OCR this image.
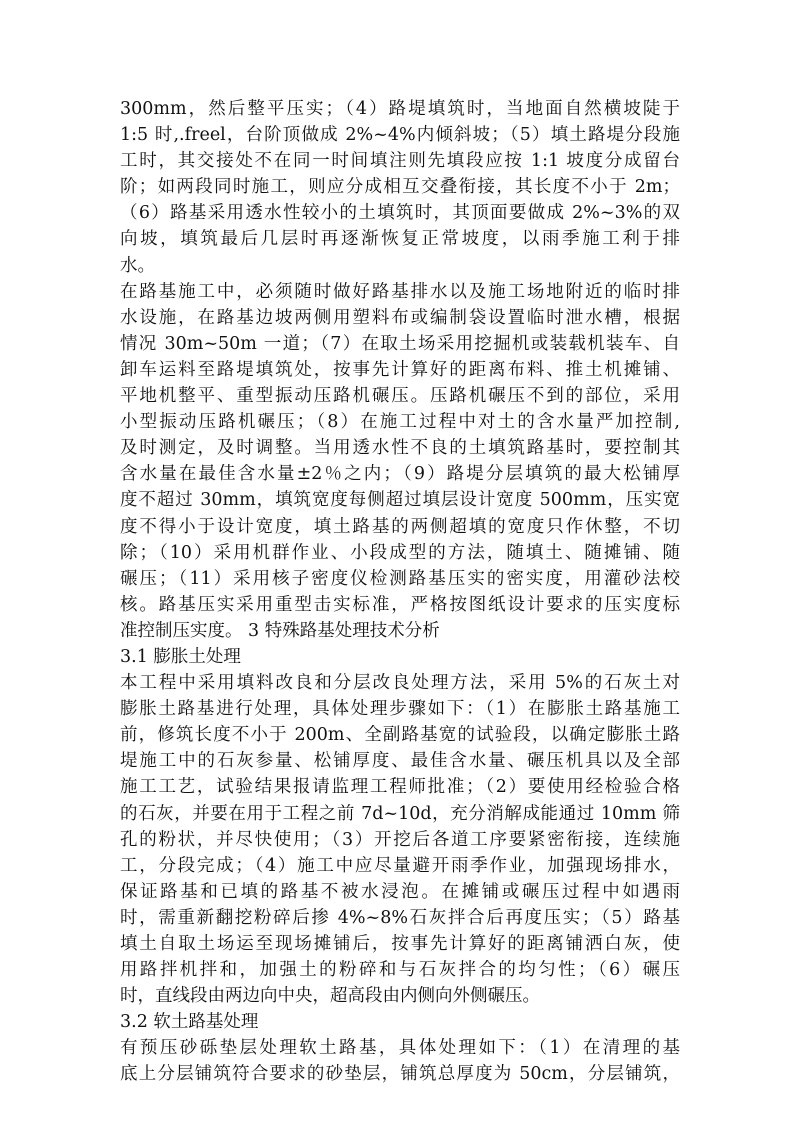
300mm，然后整平压实；（4）路堤填筑时，当地面自然横坡陡于
1:5 时,.freel，台阶顶做成 2%~4%内倾斜坡；（5）填土路堤分段施
工时，其交接处不在同一时间填注则先填段应按 1:1 坡度分成留台
阶；如两段同时施工，则应分成相互交叠衔接，其长度不小于 2m；
（6）路基采用透水性较小的土填筑时，其顶面要做成 2%~3%的双
向坡，填筑最后几层时再逐渐恢复正常坡度，以雨季施工利于排
水。
在路基施工中，必须随时做好路基排水以及施工场地附近的临时排
水设施，在路基边坡两侧用塑料布或编制袋设置临时泄水槽，根据
情况 30m~50m 一道；（7）在取土场采用挖掘机或装载机装车、自
卸车运料至路堤填筑处，按事先计算好的距离布料、推土机摊铺、
平地机整平、重型振动压路机碾压。压路机碾压不到的部位，采用
小型振动压路机碾压；（8）在施工过程中对土的含水量严加控制,
及时测定，及时调整。当用透水性不良的土填筑路基时，要控制其
含水量在最佳含水量±2％之内；（9）路堤分层填筑的最大松铺厚
度不超过 30mm，填筑宽度每侧超过填层设计宽度 500mm，压实宽
度不得小于设计宽度，填土路基的两侧超填的宽度只作休整，不切
除；（10）采用机群作业、小段成型的方法，随填土、随摊铺、随
碾压；（11）采用核子密度仪检测路基压实的密实度，用灌砂法校
核。路基压实采用重型击实标准，严格按图纸设计要求的压实度标
准控制压实度。 3 特殊路基处理技术分析
3.1 膨胀土处理
本工程中采用填料改良和分层改良处理方法，采用 5%的石灰土对
膨胀土路基进行处理，具体处理步骤如下：（1）在膨胀土路基施工
前，修筑长度不小于 200m、全副路基宽的试验段，以确定膨胀土路
堤施工中的石灰参量、松铺厚度、最佳含水量、碾压机具以及全部
施工工艺，试验结果报请监理工程师批准；（2）要使用经检验合格
的石灰，并要在用于工程之前 7d~10d，充分消解成能通过 10mm 筛
孔的粉状，并尽快使用；（3）开挖后各道工序要紧密衔接，连续施
工，分段完成；（4）施工中应尽量避开雨季作业，加强现场排水，
保证路基和已填的路基不被水浸泡。在摊铺或碾压过程中如遇雨
时，需重新翻挖粉碎后掺 4%~8%石灰拌合后再度压实；（5）路基
填土自取土场运至现场摊铺后，按事先计算好的距离铺洒白灰，使
用路拌机拌和，加强土的粉碎和与石灰拌合的均匀性；（6）碾压
时，直线段由两边向中央，超高段由内侧向外侧碾压。
3.2 软土路基处理
有预压砂砾垫层处理软土路基，具体处理如下：（1）在清理的基
底上分层铺筑符合要求的砂垫层，铺筑总厚度为 50cm，分层铺筑，
